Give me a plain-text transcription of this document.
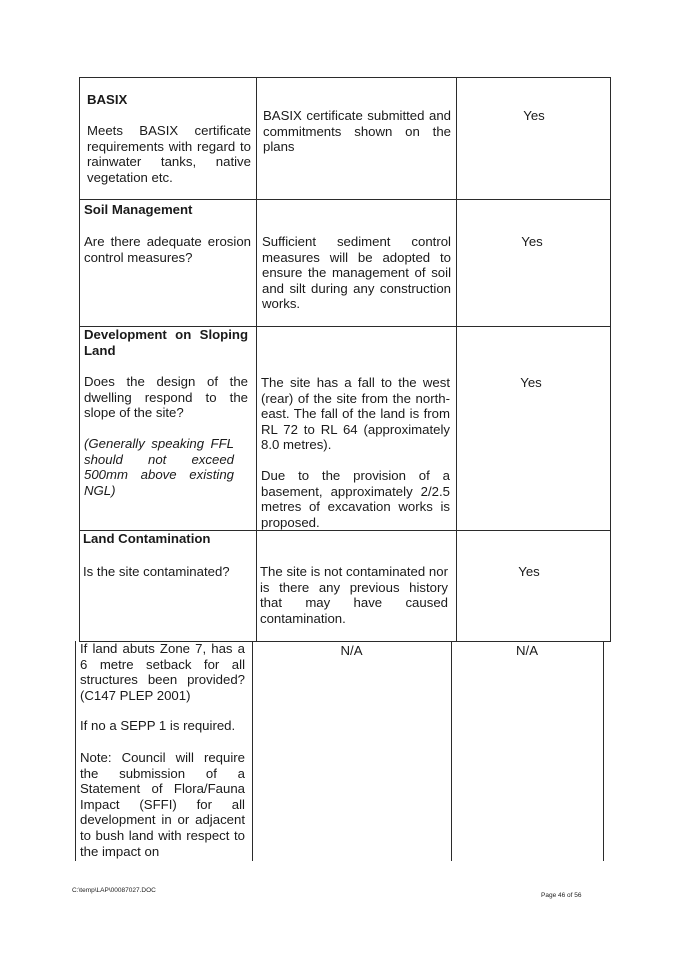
BASIX
Meets BASIX certificate requirements with regard to rainwater tanks, native vegetation etc.
BASIX certificate submitted and commitments shown on the plans
Yes
Soil Management
Are there adequate erosion control measures?
Sufficient sediment control measures will be adopted to ensure the management of soil and silt during any construction works.
Yes
Development on Sloping Land
Does the design of the dwelling respond to the slope of the site?
(Generally speaking FFL should not exceed 500mm above existing NGL)
The site has a fall to the west (rear) of the site from the north-east. The fall of the land is from RL 72 to RL 64 (approximately 8.0 metres).
Due to the provision of a basement, approximately 2/2.5 metres of excavation works is proposed.
Yes
Land Contamination
Is the site contaminated?	The site is not contaminated nor is there any previous history that may have caused contamination.
Yes
If land abuts Zone 7, has a 6 metre setback for all structures been provided? (C147 PLEP 2001)
If no a SEPP 1 is required.
Note: Council will require the submission of a Statement of Flora/Fauna Impact (SFFI) for all development in or adjacent to bush land with respect to the impact on
N/A	N/A
C:\temp\LAP\00087027.DOC
Page 46 of 56
